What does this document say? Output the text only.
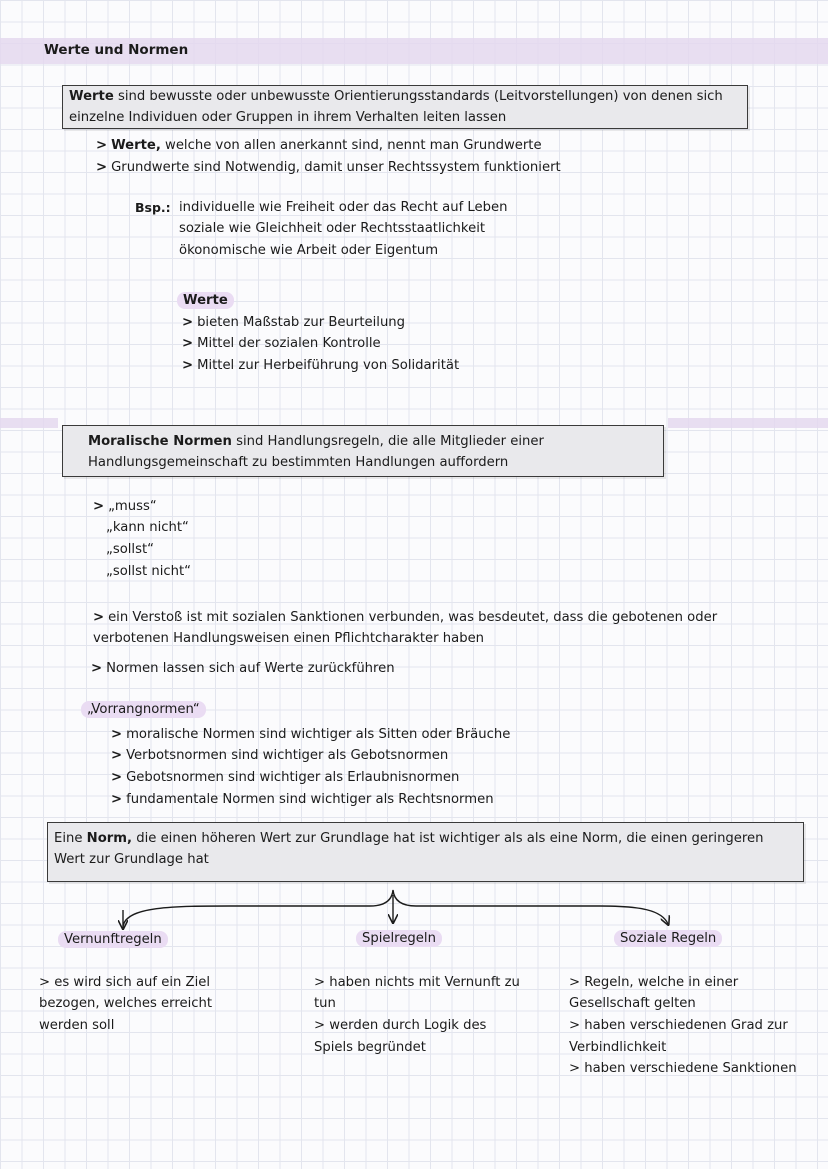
Werte und Normen
Werte sind bewusste oder unbewusste Orientierungsstandards (Leitvorstellungen) von denen sich
einzelne Individuen oder Gruppen in ihrem Verhalten leiten lassen
> Werte, welche von allen anerkannt sind, nennt man Grundwerte
> Grundwerte sind Notwendig, damit unser Rechtssystem funktioniert
Bsp.: individuelle wie Freiheit oder das Recht auf Leben
soziale wie Gleichheit oder Rechtsstaatlichkeit
ökonomische wie Arbeit oder Eigentum
Werte
> bieten Maßstab zur Beurteilung
> Mittel der sozialen Kontrolle
> Mittel zur Herbeiführung von Solidarität
Moralische Normen sind Handlungsregeln, die alle Mitglieder einer
Handlungsgemeinschaft zu bestimmten Handlungen auffordern
> „muss“
„kann nicht“
„sollst“
„sollst nicht“
> ein Verstoß ist mit sozialen Sanktionen verbunden, was besdeutet, dass die gebotenen oder
verbotenen Handlungsweisen einen Pflichtcharakter haben
> Normen lassen sich auf Werte zurückführen
„Vorrangnormen“
> moralische Normen sind wichtiger als Sitten oder Bräuche
> Verbotsnormen sind wichtiger als Gebotsnormen
> Gebotsnormen sind wichtiger als Erlaubnisnormen
> fundamentale Normen sind wichtiger als Rechtsnormen
Eine Norm, die einen höheren Wert zur Grundlage hat ist wichtiger als als eine Norm, die einen geringeren
Wert zur Grundlage hat
Vernunftregeln	Spielregeln	Soziale Regeln
> es wird sich auf ein Ziel
bezogen, welches erreicht
werden soll
> haben nichts mit Vernunft zu
tun
> werden durch Logik des
Spiels begründet
> Regeln, welche in einer
Gesellschaft gelten
> haben verschiedenen Grad zur
Verbindlichkeit
> haben verschiedene Sanktionen
